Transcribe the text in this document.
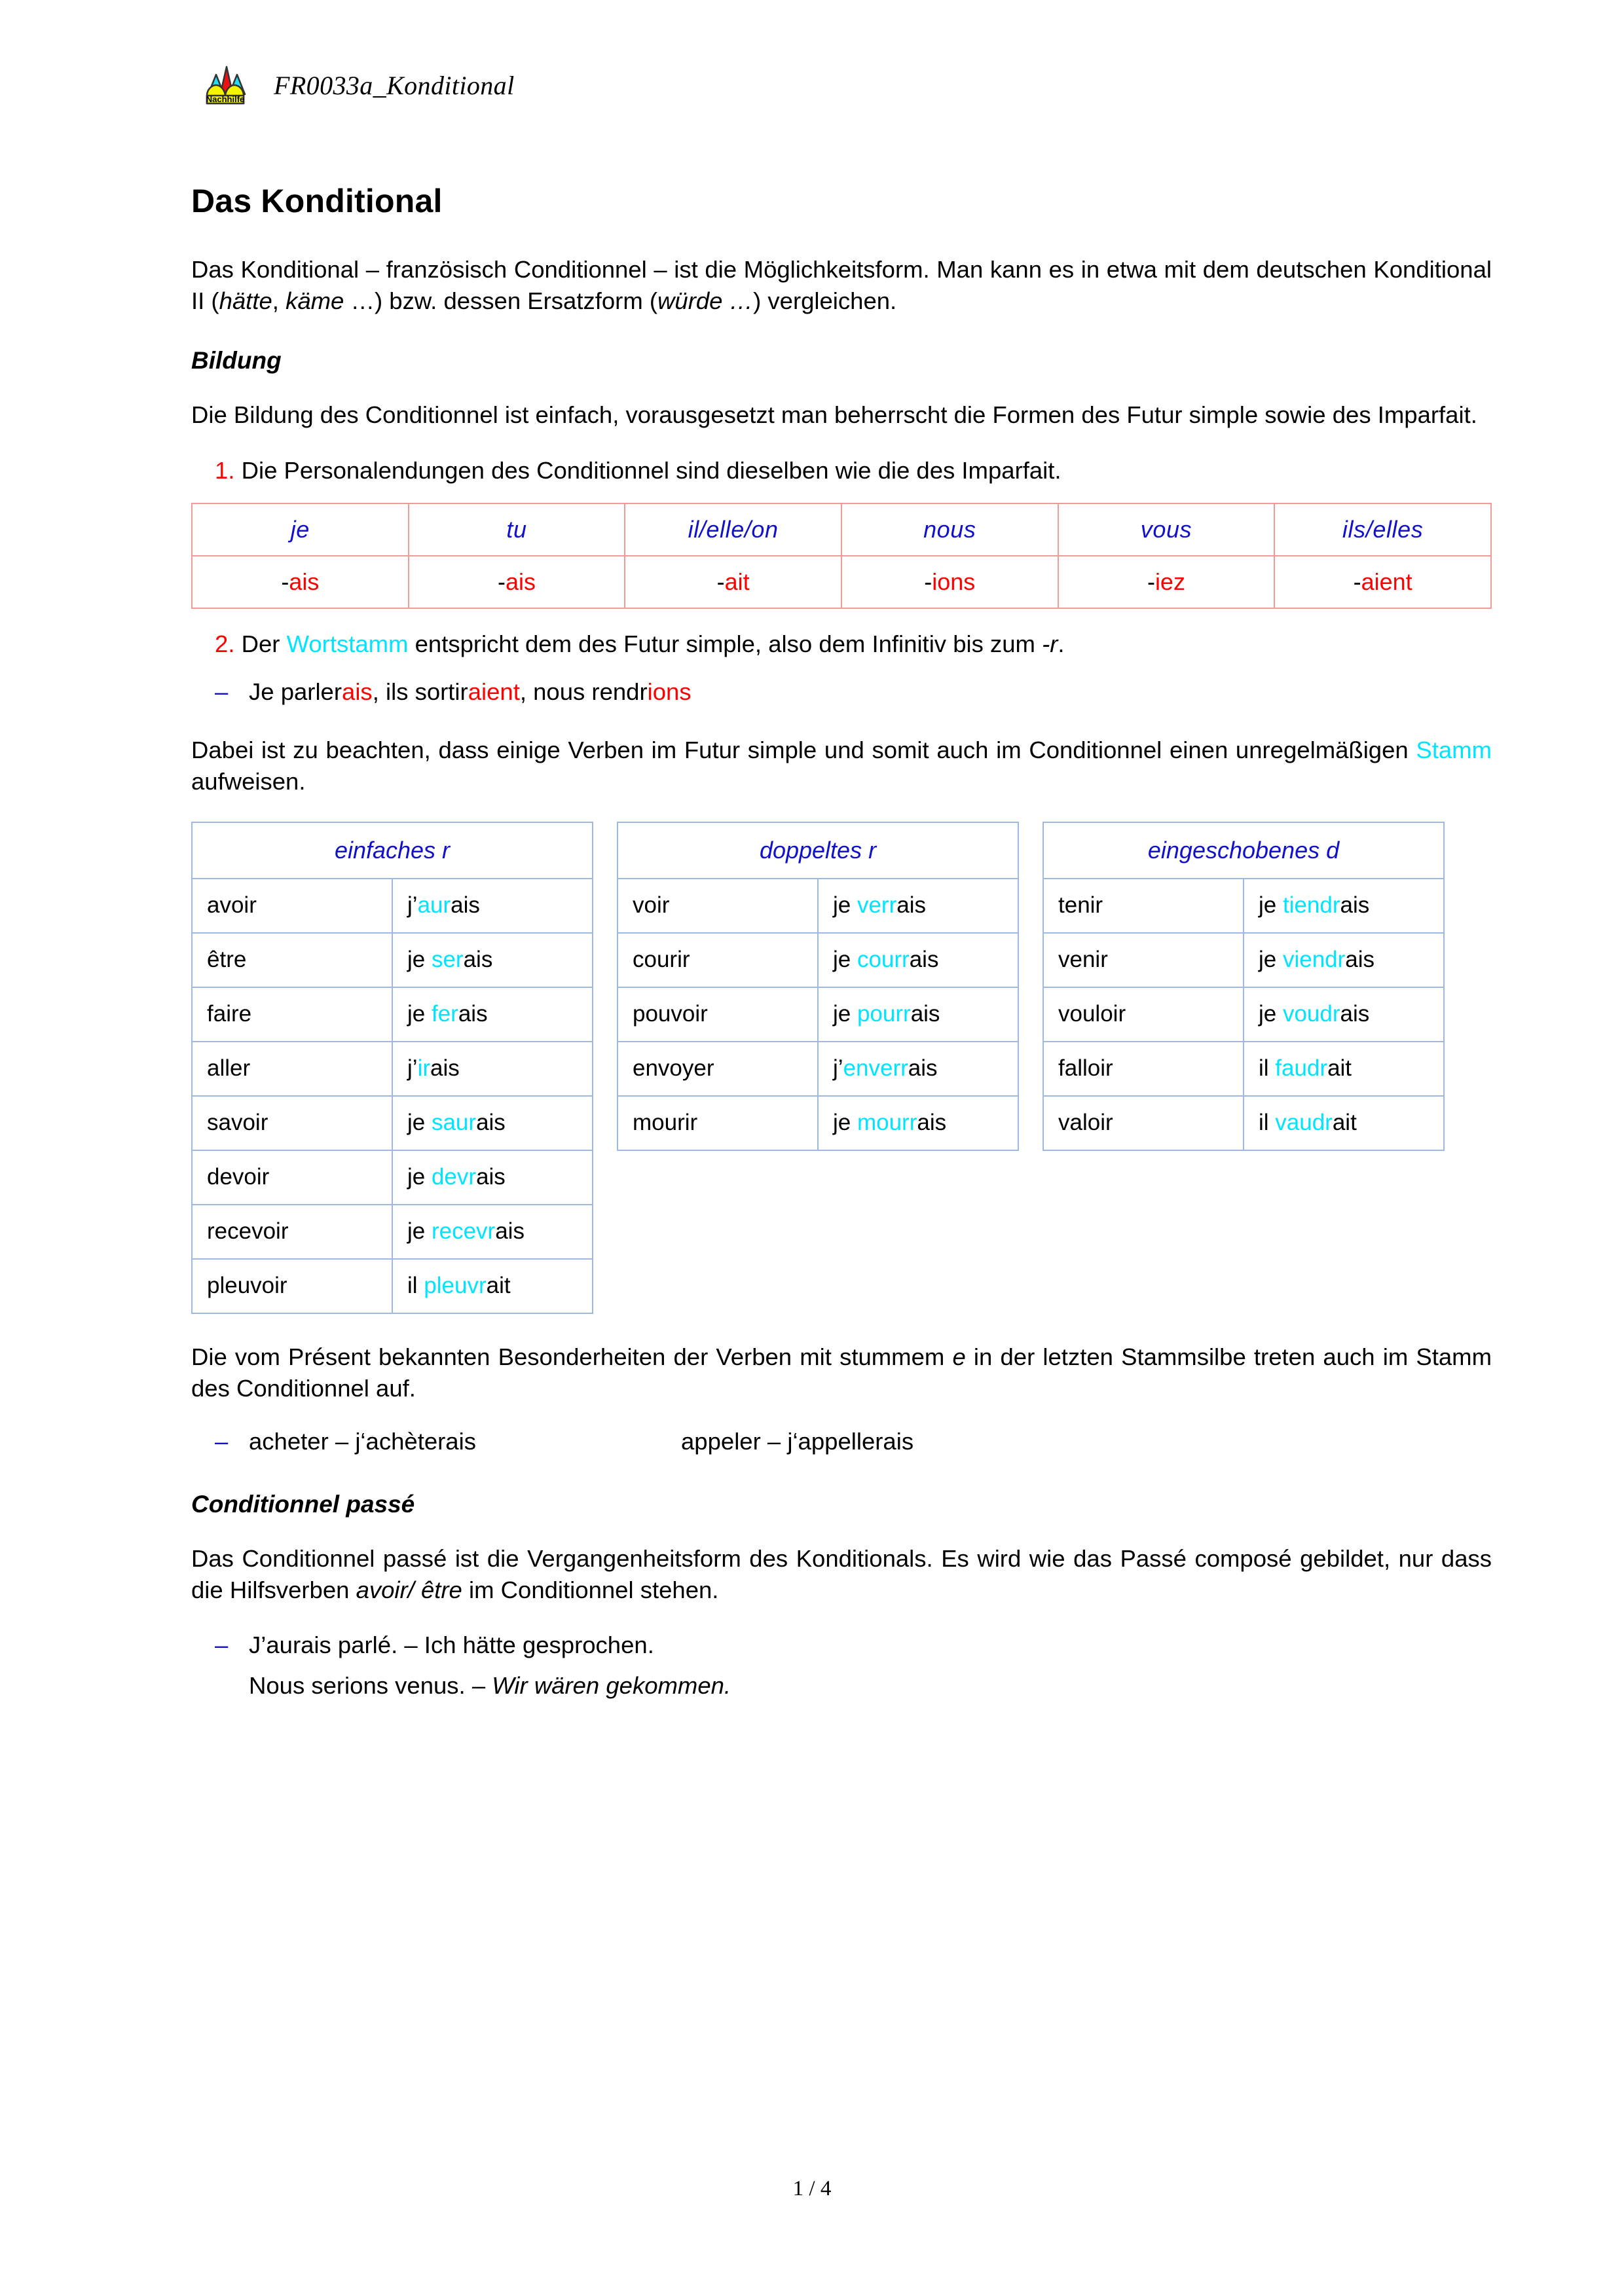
Nachhilfe FR0033a_Konditional
Das Konditional

Das Konditional – französisch Conditionnel – ist die Möglichkeitsform. Man kann es in etwa mit dem deutschen Konditional II (hätte, käme …) bzw. dessen Ersatzform (würde …) vergleichen.

Bildung

Die Bildung des Conditionnel ist einfach, vorausgesetzt man beherrscht die Formen des Futur simple sowie des Imparfait.

1. Die Personalendungen des Conditionnel sind dieselben wie die des Imparfait.

je	tu	il/elle/on	nous	vous	ils/elles
-ais	-ais	-ait	-ions	-iez	-aient

2. Der Wortstamm entspricht dem des Futur simple, also dem Infinitiv bis zum -r.

– Je parlerais, ils sortiraient, nous rendrions

Dabei ist zu beachten, dass einige Verben im Futur simple und somit auch im Conditionnel einen unregelmäßigen Stamm aufweisen.

einfaches r	
avoir	j’aurais
être	je serais
faire	je ferais
aller	j’irais
savoir	je saurais
devoir	je devrais
recevoir	je recevrais
pleuvoir	il pleuvrait
doppeltes r	
voir	je verrais
courir	je courrais
pouvoir	je pourrais
envoyer	j’enverrais
mourir	je mourrais
eingeschobenes d	
tenir	je tiendrais
venir	je viendrais
vouloir	je voudrais
falloir	il faudrait
valoir	il vaudrait

Die vom Présent bekannten Besonderheiten der Verben mit stummem e in der letzten Stammsilbe treten auch im Stamm des Conditionnel auf.

– acheter – j‘achèterais	appeler – j‘appellerais
Conditionnel passé

Das Conditionnel passé ist die Vergangenheitsform des Konditionals. Es wird wie das Passé composé gebildet, nur dass die Hilfsverben avoir/ être im Conditionnel stehen.

– J’aurais parlé. – Ich hätte gesprochen.

Nous serions venus. – Wir wären gekommen.

1 / 4
